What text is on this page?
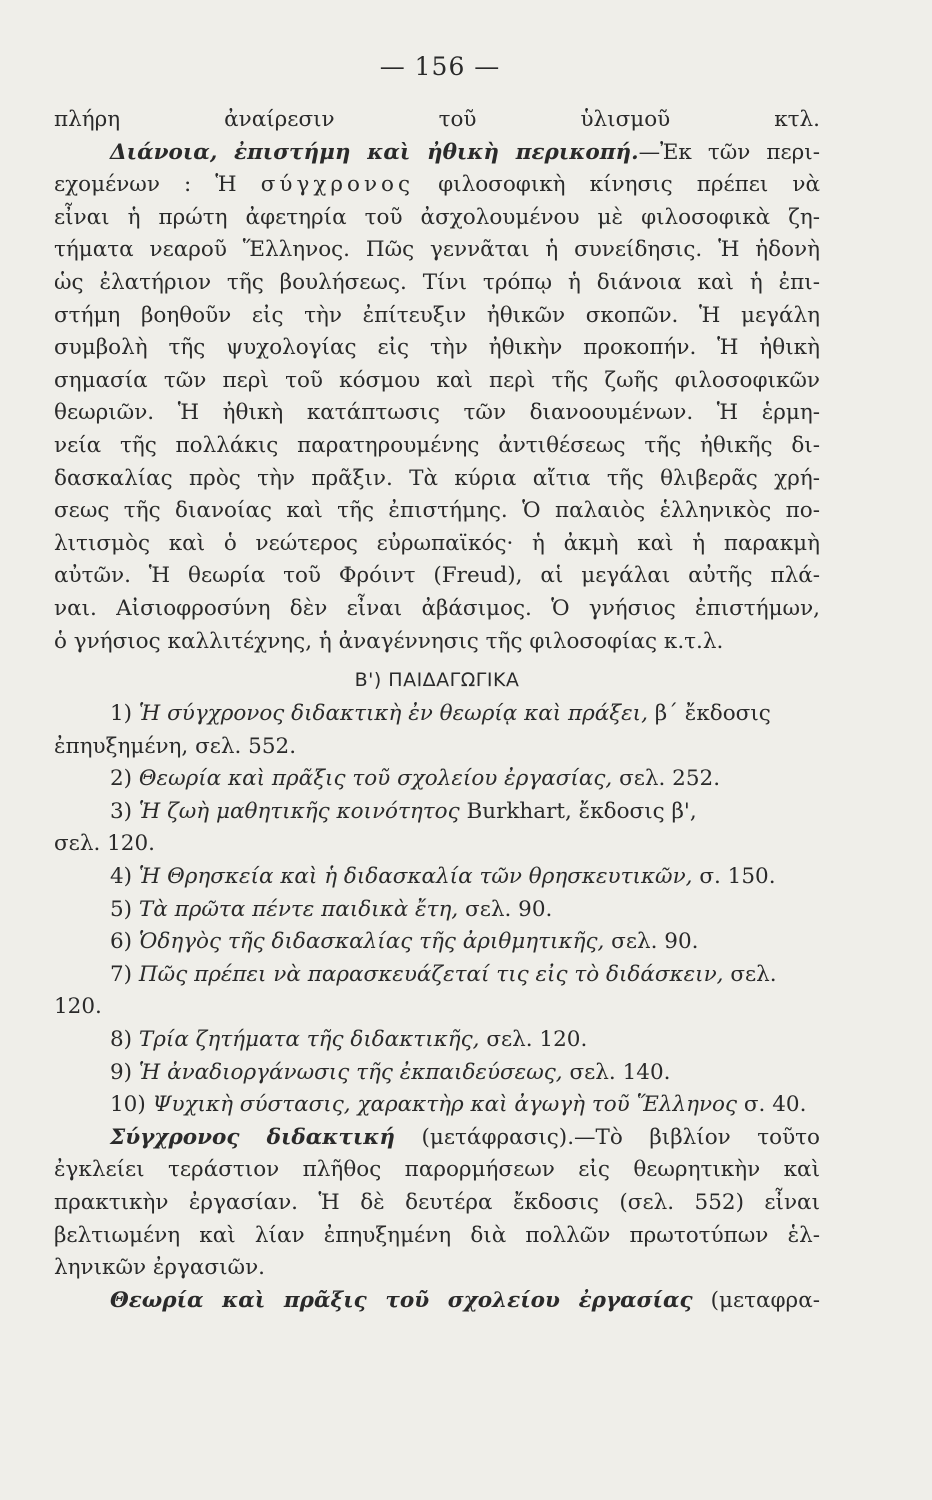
— 156 —
πλήρη ἀναίρεσιν τοῦ ὑλισμοῦ κτλ.
Διάνοια, ἐπιστήμη καὶ ἠθικὴ περικοπή.—Ἐκ τῶν περι-
εχομένων : Ἡ σύγχρονος φιλοσοφικὴ κίνησις πρέπει νὰ
εἶναι ἡ πρώτη ἀφετηρία τοῦ ἀσχολουμένου μὲ φιλοσοφικὰ ζη-
τήματα νεαροῦ Ἕλληνος. Πῶς γεννᾶται ἡ συνείδησις. Ἡ ἡδονὴ
ὡς ἐλατήριον τῆς βουλήσεως. Τίνι τρόπῳ ἡ διάνοια καὶ ἡ ἐπι-
στήμη βοηθοῦν εἰς τὴν ἐπίτευξιν ἠθικῶν σκοπῶν. Ἡ μεγάλη
συμβολὴ τῆς ψυχολογίας εἰς τὴν ἠθικὴν προκοπήν. Ἡ ἠθικὴ
σημασία τῶν περὶ τοῦ κόσμου καὶ περὶ τῆς ζωῆς φιλοσοφικῶν
θεωριῶν. Ἡ ἠθικὴ κατάπτωσις τῶν διανοουμένων. Ἡ ἑρμη-
νεία τῆς πολλάκις παρατηρουμένης ἀντιθέσεως τῆς ἠθικῆς δι-
δασκαλίας πρὸς τὴν πρᾶξιν. Τὰ κύρια αἴτια τῆς θλιβερᾶς χρή-
σεως τῆς διανοίας καὶ τῆς ἐπιστήμης. Ὁ παλαιὸς ἑλληνικὸς πο-
λιτισμὸς καὶ ὁ νεώτερος εὐρωπαϊκός· ἡ ἀκμὴ καὶ ἡ παρακμὴ
αὐτῶν. Ἡ θεωρία τοῦ Φρόιντ (Freud), αἱ μεγάλαι αὐτῆς πλά-
ναι. Αἰσιοφροσύνη δὲν εἶναι ἀβάσιμος. Ὁ γνήσιος ἐπιστήμων,
ὁ γνήσιος καλλιτέχνης, ἡ ἀναγέννησις τῆς φιλοσοφίας κ.τ.λ.
Β') ΠΑΙΔΑΓΩΓΙΚΑ
1) Ἡ σύγχρονος διδακτικὴ ἐν θεωρίᾳ καὶ πράξει, β΄ ἔκδοσις
ἐπηυξημένη, σελ. 552.
2) Θεωρία καὶ πρᾶξις τοῦ σχολείου ἐργασίας, σελ. 252.
3) Ἡ ζωὴ μαθητικῆς κοινότητος Burkhart, ἔκδοσις β',
σελ. 120.
4) Ἡ Θρησκεία καὶ ἡ διδασκαλία τῶν θρησκευτικῶν, σ. 150.
5) Τὰ πρῶτα πέντε παιδικὰ ἔτη, σελ. 90.
6) Ὁδηγὸς τῆς διδασκαλίας τῆς ἀριθμητικῆς, σελ. 90.
7) Πῶς πρέπει νὰ παρασκευάζεταί τις εἰς τὸ διδάσκειν, σελ.
120.
8) Τρία ζητήματα τῆς διδακτικῆς, σελ. 120.
9) Ἡ ἀναδιοργάνωσις τῆς ἐκπαιδεύσεως, σελ. 140.
10) Ψυχικὴ σύστασις, χαρακτὴρ καὶ ἀγωγὴ τοῦ Ἕλληνος σ. 40.
Σύγχρονος διδακτική (μετάφρασις).—Τὸ βιβλίον τοῦτο
ἐγκλείει τεράστιον πλῆθος παρορμήσεων εἰς θεωρητικὴν καὶ
πρακτικὴν ἐργασίαν. Ἡ δὲ δευτέρα ἔκδοσις (σελ. 552) εἶναι
βελτιωμένη καὶ λίαν ἐπηυξημένη διὰ πολλῶν πρωτοτύπων ἑλ-
ληνικῶν ἐργασιῶν.
Θεωρία καὶ πρᾶξις τοῦ σχολείου ἐργασίας (μεταφρα-
